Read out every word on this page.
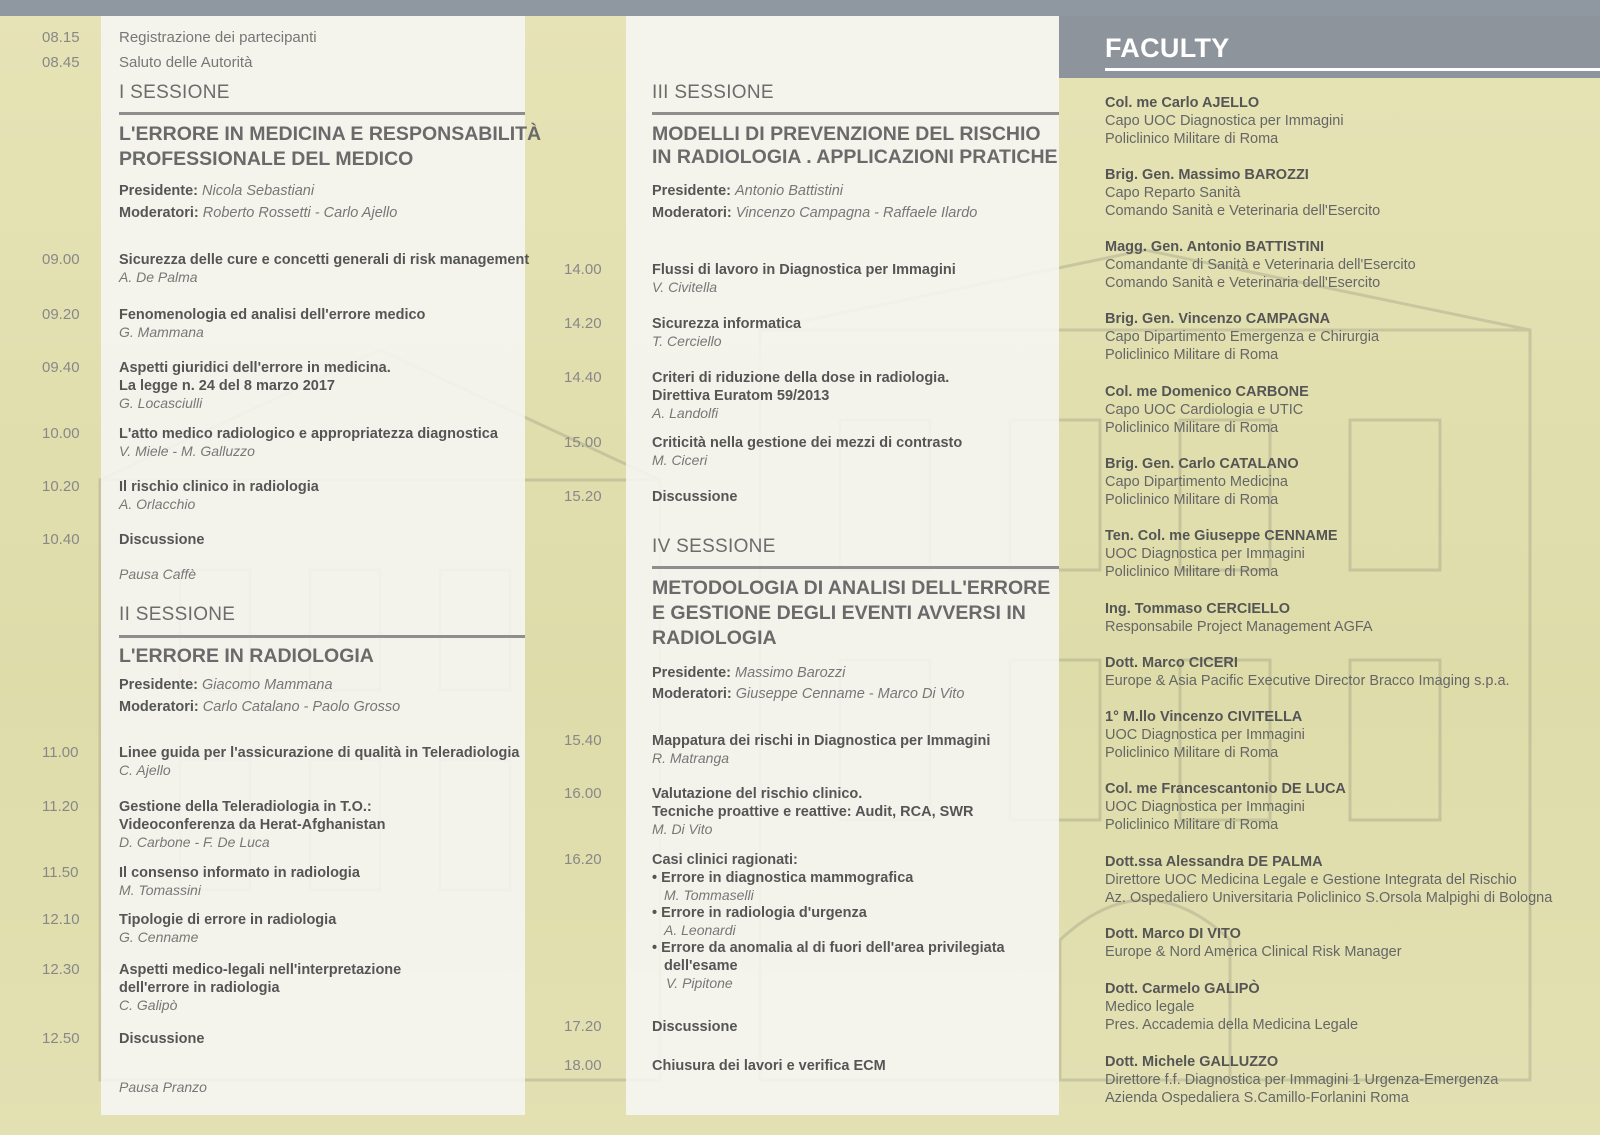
08.15	Registrazione dei partecipanti
08.45	Saluto delle Autorità
I SESSIONE
L'ERRORE IN MEDICINA E RESPONSABILITÀ
PROFESSIONALE DEL MEDICO
Presidente: Nicola Sebastiani
Moderatori: Roberto Rossetti - Carlo Ajello
09.00	Sicurezza delle cure e concetti generali di risk management
A. De Palma
09.20	Fenomenologia ed analisi dell'errore medico
G. Mammana
09.40	Aspetti giuridici dell'errore in medicina.
La legge n. 24 del 8 marzo 2017
G. Locasciulli
10.00	L'atto medico radiologico e appropriatezza diagnostica
V. Miele - M. Galluzzo
10.20	Il rischio clinico in radiologia
A. Orlacchio
10.40	Discussione
Pausa Caffè
II SESSIONE
L'ERRORE IN RADIOLOGIA
Presidente: Giacomo Mammana
Moderatori: Carlo Catalano - Paolo Grosso
11.00	Linee guida per l'assicurazione di qualità in Teleradiologia
C. Ajello
11.20	Gestione della Teleradiologia in T.O.:
Videoconferenza da Herat-Afghanistan
D. Carbone - F. De Luca
11.50	Il consenso informato in radiologia
M. Tomassini
12.10	Tipologie di errore in radiologia
G. Cenname
12.30	Aspetti medico-legali nell'interpretazione
dell'errore in radiologia
C. Galipò
12.50	Discussione
Pausa Pranzo
III SESSIONE
MODELLI DI PREVENZIONE DEL RISCHIO
IN RADIOLOGIA . APPLICAZIONI PRATICHE
Presidente: Antonio Battistini
Moderatori: Vincenzo Campagna - Raffaele Ilardo
14.00	Flussi di lavoro in Diagnostica per Immagini
V. Civitella
14.20	Sicurezza informatica
T. Cerciello
14.40	Criteri di riduzione della dose in radiologia.
Direttiva Euratom 59/2013
A. Landolfi
15.00	Criticità nella gestione dei mezzi di contrasto
M. Ciceri
15.20	Discussione
IV SESSIONE
METODOLOGIA DI ANALISI DELL'ERRORE
E GESTIONE DEGLI EVENTI AVVERSI IN
RADIOLOGIA
Presidente: Massimo Barozzi
Moderatori: Giuseppe Cenname - Marco Di Vito
15.40	Mappatura dei rischi in Diagnostica per Immagini
R. Matranga
16.00	Valutazione del rischio clinico.
Tecniche proattive e reattive: Audit, RCA, SWR
M. Di Vito
16.20	Casi clinici ragionati:
• Errore in diagnostica mammografica
M. Tommaselli
• Errore in radiologia d'urgenza
A. Leonardi
• Errore da anomalia al di fuori dell'area privilegiata
dell'esame
V. Pipitone
17.20	Discussione
18.00	Chiusura dei lavori e verifica ECM
FACULTY
Col. me Carlo AJELLO
Capo UOC Diagnostica per Immagini
Policlinico Militare di Roma
Brig. Gen. Massimo BAROZZI
Capo Reparto Sanità
Comando Sanità e Veterinaria dell'Esercito
Magg. Gen. Antonio BATTISTINI
Comandante di Sanità e Veterinaria dell'Esercito
Comando Sanità e Veterinaria dell'Esercito
Brig. Gen. Vincenzo CAMPAGNA
Capo Dipartimento Emergenza e Chirurgia
Policlinico Militare di Roma
Col. me Domenico CARBONE
Capo UOC Cardiologia e UTIC
Policlinico Militare di Roma
Brig. Gen. Carlo CATALANO
Capo Dipartimento Medicina
Policlinico Militare di Roma
Ten. Col. me Giuseppe CENNAME
UOC Diagnostica per Immagini
Policlinico Militare di Roma
Ing. Tommaso CERCIELLO
Responsabile Project Management AGFA
Dott. Marco CICERI
Europe & Asia Pacific Executive Director Bracco Imaging s.p.a.
1° M.llo Vincenzo CIVITELLA
UOC Diagnostica per Immagini
Policlinico Militare di Roma
Col. me Francescantonio DE LUCA
UOC Diagnostica per Immagini
Policlinico Militare di Roma
Dott.ssa Alessandra DE PALMA
Direttore UOC Medicina Legale e Gestione Integrata del Rischio
Az. Ospedaliero Universitaria Policlinico S.Orsola Malpighi di Bologna
Dott. Marco DI VITO
Europe & Nord America Clinical Risk Manager
Dott. Carmelo GALIPÒ
Medico legale
Pres. Accademia della Medicina Legale
Dott. Michele GALLUZZO
Direttore f.f. Diagnostica per Immagini 1 Urgenza-Emergenza
Azienda Ospedaliera S.Camillo-Forlanini Roma
